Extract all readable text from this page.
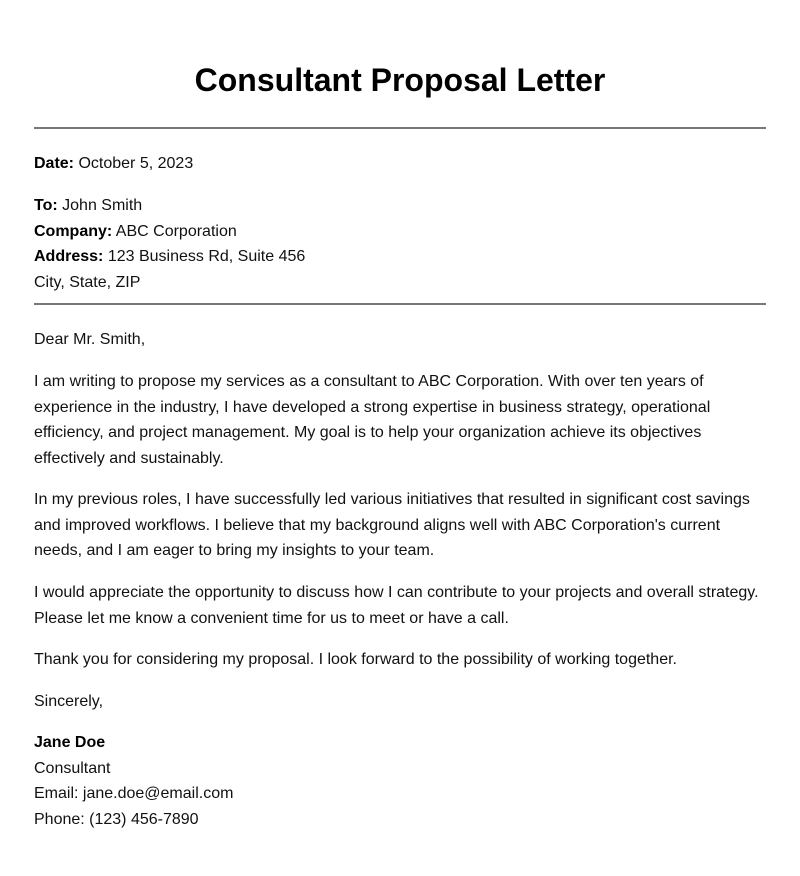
Consultant Proposal Letter
Date: October 5, 2023
To: John Smith
Company: ABC Corporation
Address: 123 Business Rd, Suite 456
City, State, ZIP

Dear Mr. Smith,

I am writing to propose my services as a consultant to ABC Corporation. With over ten years of experience in the industry, I have developed a strong expertise in business strategy, operational efficiency, and project management. My goal is to help your organization achieve its objectives effectively and sustainably.

In my previous roles, I have successfully led various initiatives that resulted in significant cost savings and improved workflows. I believe that my background aligns well with ABC Corporation's current needs, and I am eager to bring my insights to your team.

I would appreciate the opportunity to discuss how I can contribute to your projects and overall strategy. Please let me know a convenient time for us to meet or have a call.

Thank you for considering my proposal. I look forward to the possibility of working together.

Sincerely,

Jane Doe
Consultant
Email: jane.doe@email.com
Phone: (123) 456-7890
